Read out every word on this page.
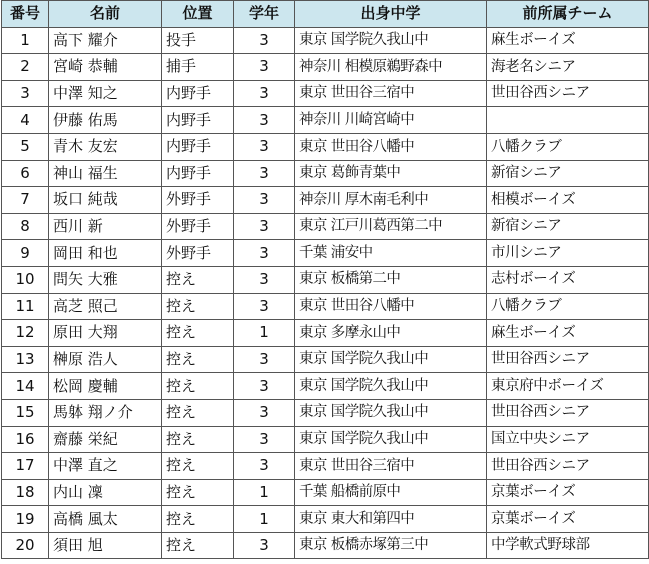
番号	名前	位置	学年	出身中学	前所属チーム
1	高下 耀介	投手	3	東京 国学院久我山中	麻生ボーイズ
2	宮崎 恭輔	捕手	3	神奈川 相模原鵜野森中	海老名シニア
3	中澤 知之	内野手	3	東京 世田谷三宿中	世田谷西シニア
4	伊藤 佑馬	内野手	3	神奈川 川崎宮崎中	
5	青木 友宏	内野手	3	東京 世田谷八幡中	八幡クラブ
6	神山 福生	内野手	3	東京 葛飾青葉中	新宿シニア
7	坂口 純哉	外野手	3	神奈川 厚木南毛利中	相模ボーイズ
8	西川 新	外野手	3	東京 江戸川葛西第二中	新宿シニア
9	岡田 和也	外野手	3	千葉 浦安中	市川シニア
10	問矢 大雅	控え	3	東京 板橋第二中	志村ボーイズ
11	高芝 照己	控え	3	東京 世田谷八幡中	八幡クラブ
12	原田 大翔	控え	1	東京 多摩永山中	麻生ボーイズ
13	榊原 浩人	控え	3	東京 国学院久我山中	世田谷西シニア
14	松岡 慶輔	控え	3	東京 国学院久我山中	東京府中ボーイズ
15	馬躰 翔ノ介	控え	3	東京 国学院久我山中	世田谷西シニア
16	齋藤 栄紀	控え	3	東京 国学院久我山中	国立中央シニア
17	中澤 直之	控え	3	東京 世田谷三宿中	世田谷西シニア
18	内山 凜	控え	1	千葉 船橋前原中	京葉ボーイズ
19	高橋 風太	控え	1	東京 東大和第四中	京葉ボーイズ
20	須田 旭	控え	3	東京 板橋赤塚第三中	中学軟式野球部
